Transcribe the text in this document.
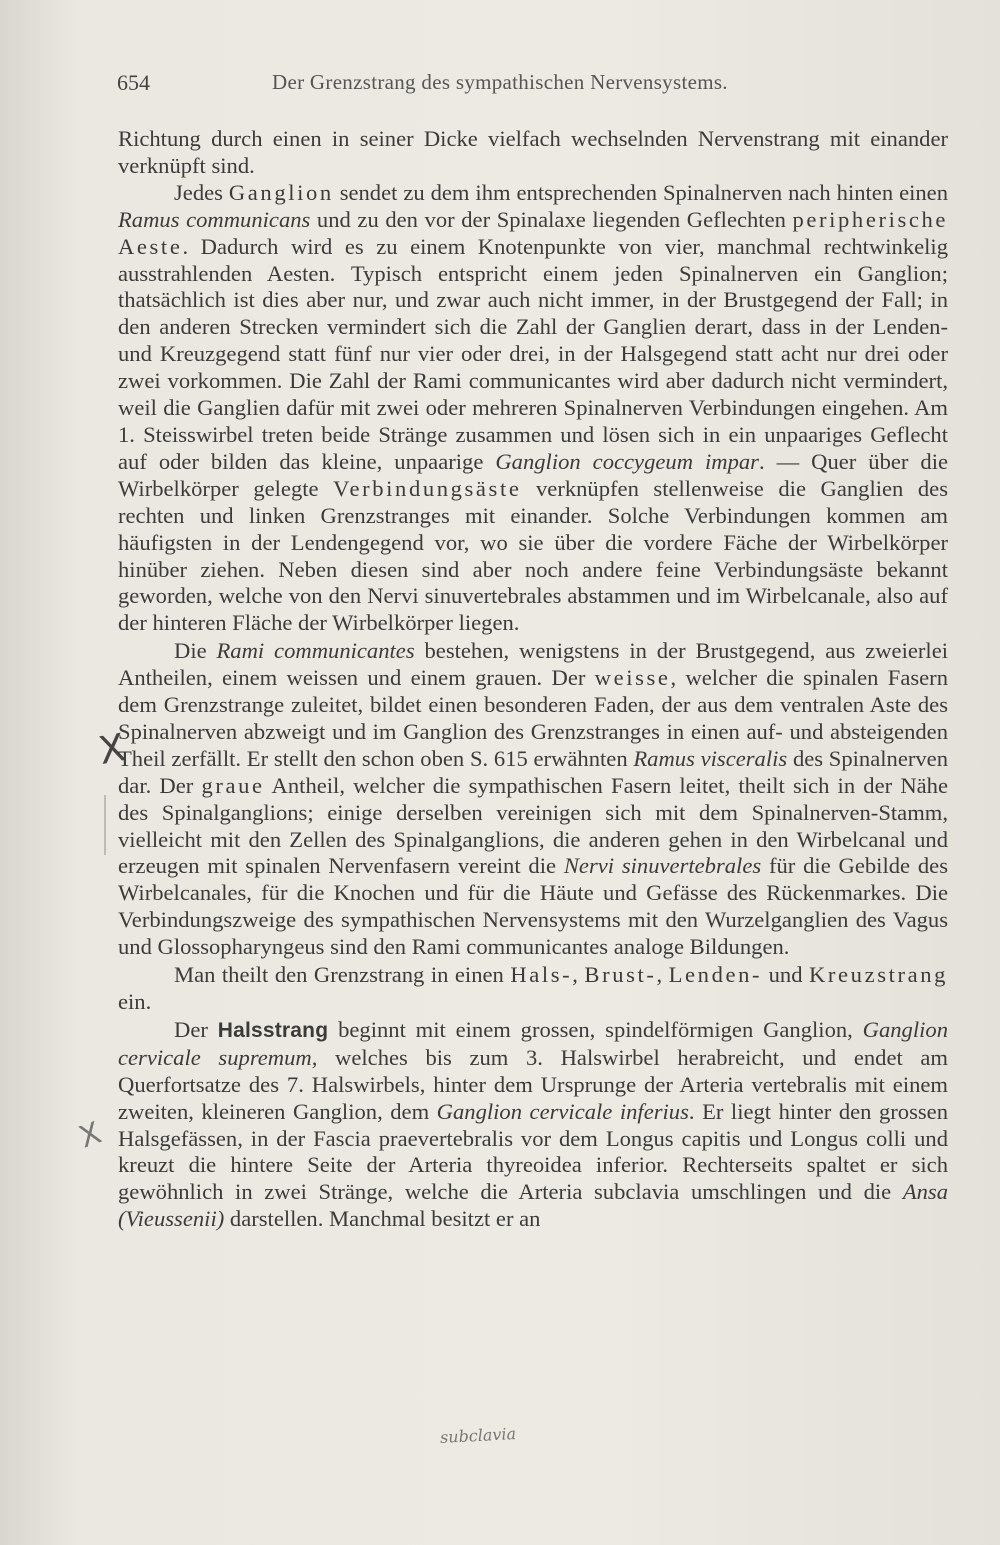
654	Der Grenzstrang des sympathischen Nervensystems.
X
X

Richtung durch einen in seiner Dicke vielfach wechselnden Nervenstrang mit einander verknüpft sind.

Jedes Ganglion sendet zu dem ihm entsprechenden Spinalnerven nach hinten einen Ramus communicans und zu den vor der Spinalaxe liegenden Geflechten peripherische Aeste. Dadurch wird es zu einem Knotenpunkte von vier, manchmal rechtwinkelig ausstrahlenden Aesten. Typisch entspricht einem jeden Spinalnerven ein Ganglion; thatsächlich ist dies aber nur, und zwar auch nicht immer, in der Brustgegend der Fall; in den anderen Strecken vermindert sich die Zahl der Ganglien derart, dass in der Lenden- und Kreuzgegend statt fünf nur vier oder drei, in der Halsgegend statt acht nur drei oder zwei vorkommen. Die Zahl der Rami communicantes wird aber dadurch nicht vermindert, weil die Ganglien dafür mit zwei oder mehreren Spinalnerven Verbindungen eingehen. Am 1. Steisswirbel treten beide Stränge zusammen und lösen sich in ein unpaariges Geflecht auf oder bilden das kleine, unpaarige Ganglion coccygeum impar. — Quer über die Wirbelkörper gelegte Verbindungsäste verknüpfen stellenweise die Ganglien des rechten und linken Grenzstranges mit einander. Solche Verbindungen kommen am häufigsten in der Lendengegend vor, wo sie über die vordere Fäche der Wirbelkörper hinüber ziehen. Neben diesen sind aber noch andere feine Verbindungsäste bekannt geworden, welche von den Nervi sinuvertebrales abstammen und im Wirbelcanale, also auf der hinteren Fläche der Wirbelkörper liegen.

Die Rami communicantes bestehen, wenigstens in der Brustgegend, aus zweierlei Antheilen, einem weissen und einem grauen. Der weisse, welcher die spinalen Fasern dem Grenzstrange zuleitet, bildet einen besonderen Faden, der aus dem ventralen Aste des Spinalnerven abzweigt und im Ganglion des Grenzstranges in einen auf- und absteigenden Theil zerfällt. Er stellt den schon oben S. 615 erwähnten Ramus visceralis des Spinalnerven dar. Der graue Antheil, welcher die sympathischen Fasern leitet, theilt sich in der Nähe des Spinalganglions; einige derselben vereinigen sich mit dem Spinalnerven-Stamm, vielleicht mit den Zellen des Spinalganglions, die anderen gehen in den Wirbelcanal und erzeugen mit spinalen Nervenfasern vereint die Nervi sinuvertebrales für die Gebilde des Wirbelcanales, für die Knochen und für die Häute und Gefässe des Rückenmarkes. Die Verbindungszweige des sympathischen Nervensystems mit den Wurzelganglien des Vagus und Glossopharyngeus sind den Rami communicantes analoge Bildungen.

Man theilt den Grenzstrang in einen Hals-, Brust-, Lenden- und Kreuzstrang ein.

Der Halsstrang beginnt mit einem grossen, spindelförmigen Ganglion, Ganglion cervicale supremum, welches bis zum 3. Halswirbel herabreicht, und endet am Querfortsatze des 7. Halswirbels, hinter dem Ursprunge der Arteria vertebralis mit einem zweiten, kleineren Ganglion, dem Ganglion cervicale inferius. Er liegt hinter den grossen Halsgefässen, in der Fascia praevertebralis vor dem Longus capitis und Longus colli und kreuzt die hintere Seite der Arteria thyreoidea inferior. Rechterseits spaltet er sich gewöhnlich in zwei Stränge, welche die Arteria subclavia umschlingen und die Ansa (Vieussenii) darstellen. Manchmal besitzt er an

subclavia
